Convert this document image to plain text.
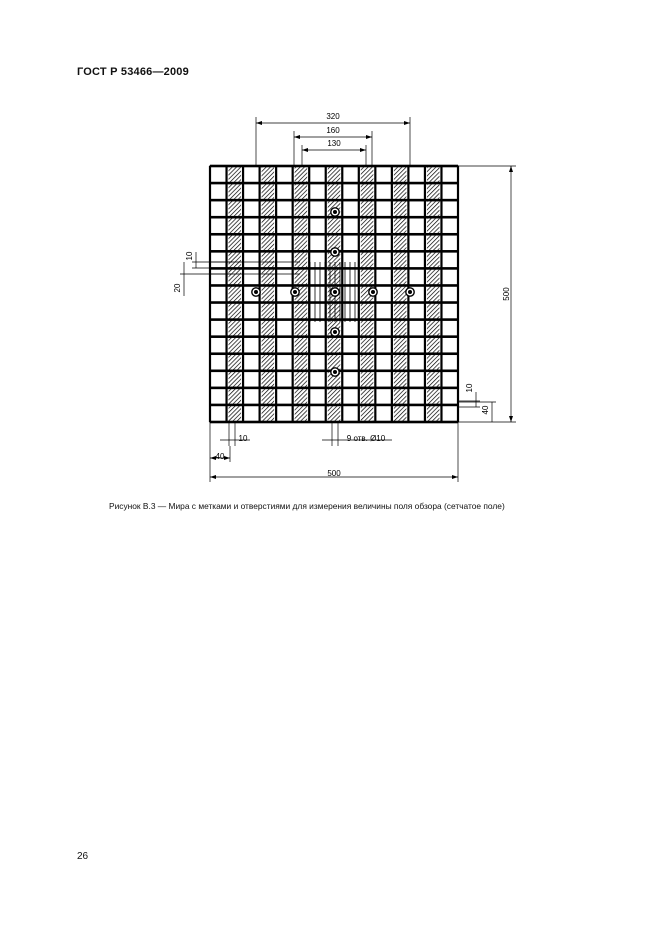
ГОСТ Р 53466—2009
320
160
130
500
10
40
10
20
10	9 отв. Ø10
40
500
Рисунок В.3 — Мира с метками и отверстиями для измерения величины поля обзора (сетчатое поле)
26
